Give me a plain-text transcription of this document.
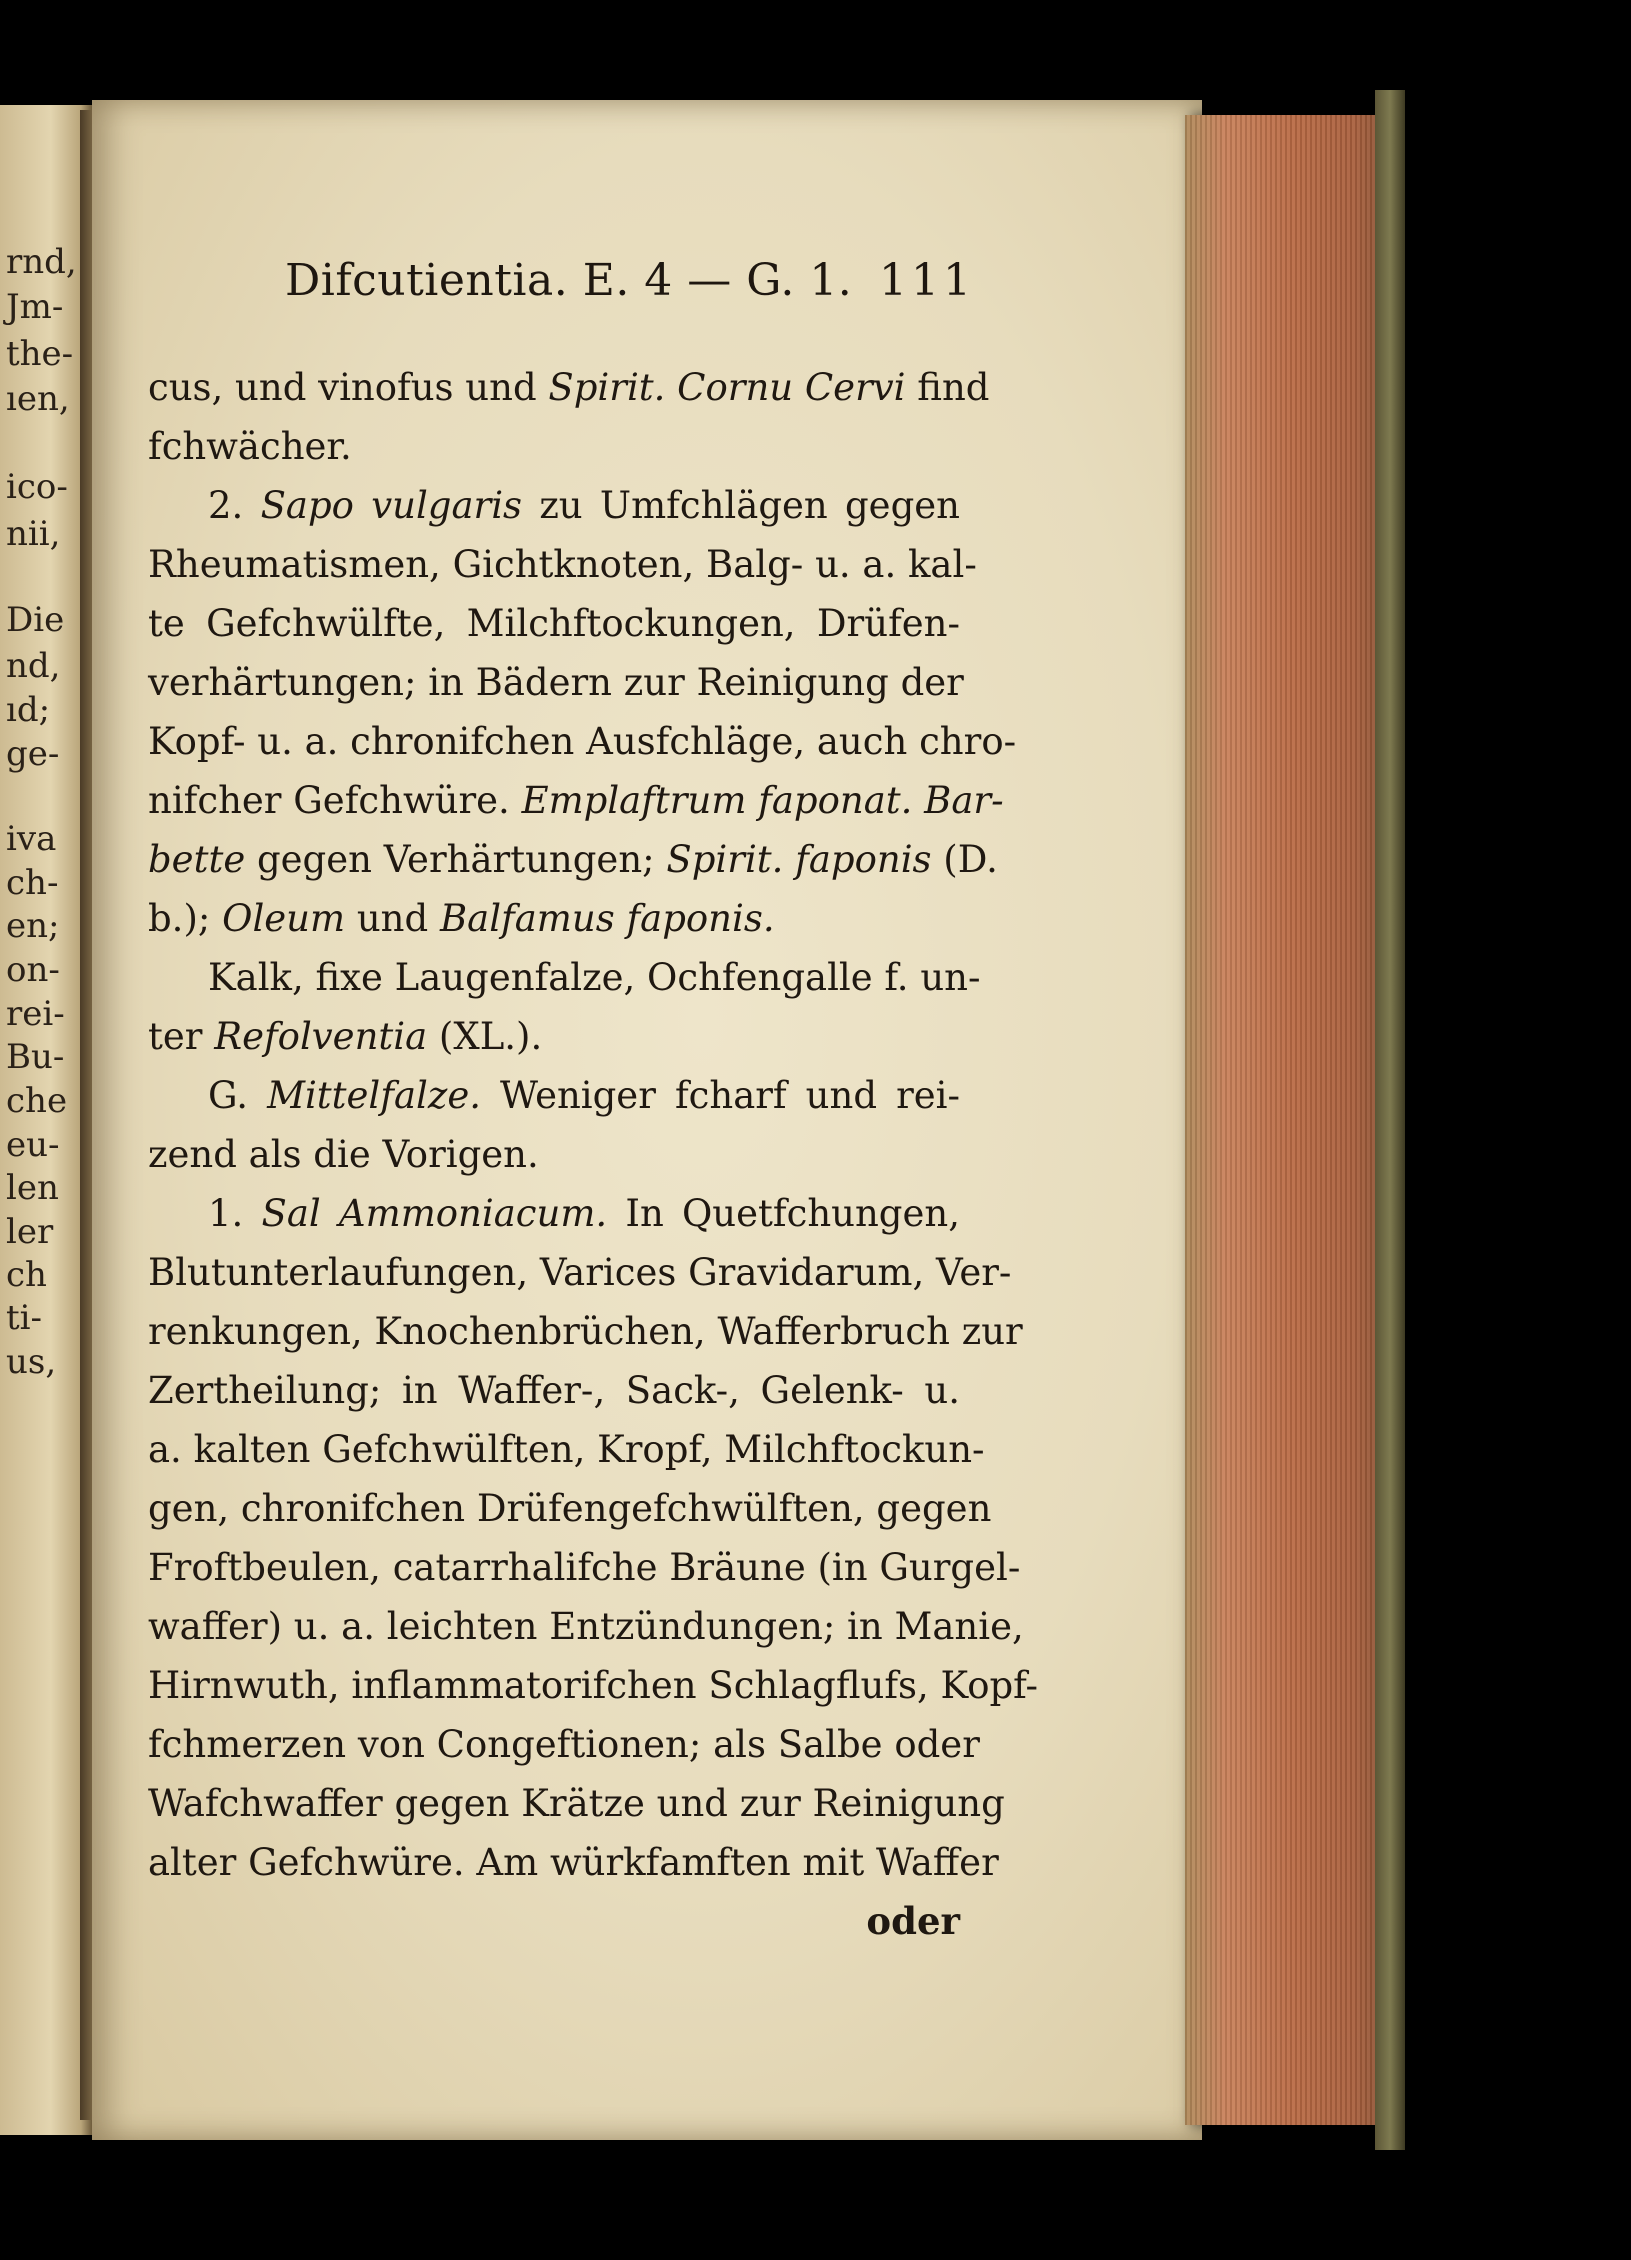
rnd,
Jm-
the-
ıen,
ico-
nii,
Die
nd,
ıd;
ge-
iva
ch-
en;
on-
rei-
Bu-
che
eu-
len
ler
ch
ti-
us,
Difcutientia. E. 4 — G. 1. 111
cus, und vinofus und Spirit. Cornu Cervi find
fchwächer.
2. Sapo vulgaris zu Umfchlägen gegen
Rheumatismen, Gichtknoten, Balg- u. a. kal-
te Gefchwülfte, Milchftockungen, Drüfen-
verhärtungen; in Bädern zur Reinigung der
Kopf- u. a. chronifchen Ausfchläge, auch chro-
nifcher Gefchwüre. Emplaftrum faponat. Bar-
bette gegen Verhärtungen; Spirit. faponis (D.
b.); Oleum und Balfamus faponis.
Kalk, fixe Laugenfalze, Ochfengalle f. un-
ter Refolventia (XL.).
G. Mittelfalze. Weniger fcharf und rei-
zend als die Vorigen.
1. Sal Ammoniacum. In Quetfchungen,
Blutunterlaufungen, Varices Gravidarum, Ver-
renkungen, Knochenbrüchen, Wafferbruch zur
Zertheilung; in Waffer-, Sack-, Gelenk- u.
a. kalten Gefchwülften, Kropf, Milchftockun-
gen, chronifchen Drüfengefchwülften, gegen
Froftbeulen, catarrhalifche Bräune (in Gurgel-
waffer) u. a. leichten Entzündungen; in Manie,
Hirnwuth, inflammatorifchen Schlagflufs, Kopf-
fchmerzen von Congeftionen; als Salbe oder
Wafchwaffer gegen Krätze und zur Reinigung
alter Gefchwüre. Am würkfamften mit Waffer
oder
